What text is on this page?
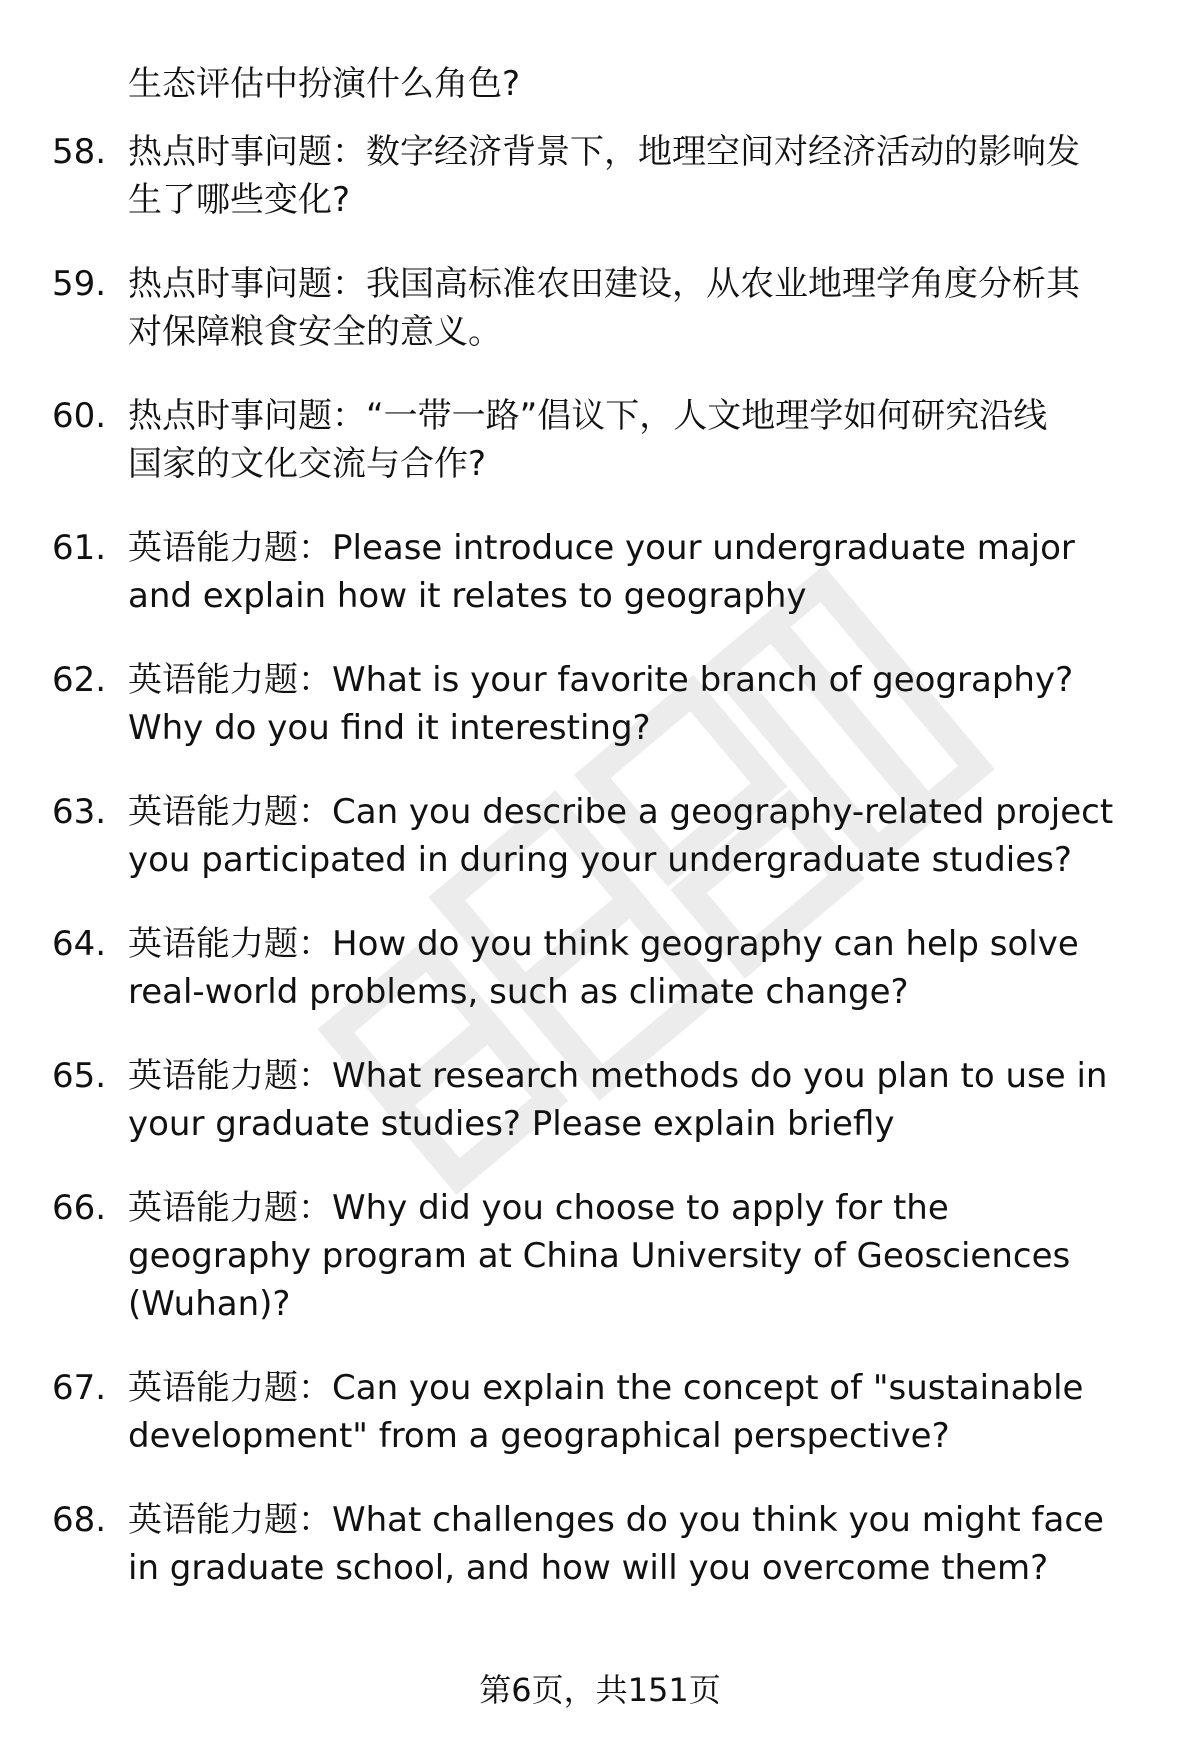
生态评估中扮演什么角色?
58. 热点时事问题：数字经济背景下，地理空间对经济活动的影响发
生了哪些变化?
59. 热点时事问题：我国高标准农田建设，从农业地理学角度分析其
对保障粮食安全的意义。
60. 热点时事问题：“一带一路”倡议下，人文地理学如何研究沿线
国家的文化交流与合作?
61. 英语能力题：Please introduce your undergraduate major
and explain how it relates to geography
62. 英语能力题：What is your favorite branch of geography?
Why do you find it interesting?
63. 英语能力题：Can you describe a geography-related project
you participated in during your undergraduate studies?
64. 英语能力题：How do you think geography can help solve
real-world problems, such as climate change?
65. 英语能力题：What research methods do you plan to use in
your graduate studies? Please explain briefly
66. 英语能力题：Why did you choose to apply for the
geography program at China University of Geosciences
(Wuhan)?
67. 英语能力题：Can you explain the concept of "sustainable
development" from a geographical perspective?
68. 英语能力题：What challenges do you think you might face
in graduate school, and how will you overcome them?
第6页，共151页
